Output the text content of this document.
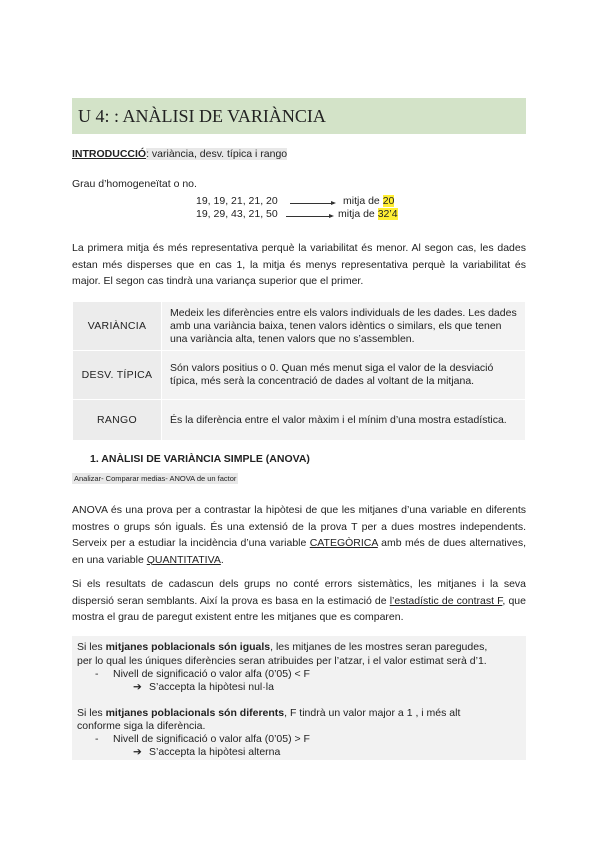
U 4: : ANÀLISI DE VARIÀNCIA
INTRODUCCIÓ: variància, desv. típica i rango
Grau d’homogeneïtat o no.
19, 19, 21, 21, 20	mitja de 20
19, 29, 43, 21, 50	mitja de 32’4
La primera mitja és més representativa perquè la variabilitat és menor. Al segon cas, les dades estan més disperses que en cas 1, la mitja és menys representativa perquè la variabilitat és major. El segon cas tindrà una variança superior que el primer.
VARIÀNCIA	Medeix les diferències entre els valors individuals de les dades. Les dades amb una variància baixa, tenen valors idèntics o similars, els que tenen una variància alta, tenen valors que no s’assemblen.
DESV. TÍPICA	Són valors positius o 0. Quan més menut siga el valor de la desviació típica, més serà la concentració de dades al voltant de la mitjana.
RANGO	És la diferència entre el valor màxim i el mínim d’una mostra estadística.
1. ANÀLISI DE VARIÀNCIA SIMPLE (ANOVA)
Analizar- Comparar medias- ANOVA de un factor
ANOVA és una prova per a contrastar la hipòtesi de que les mitjanes d’una variable en diferents mostres o grups són iguals. És una extensió de la prova T per a dues mostres independents. Serveix per a estudiar la incidència d’una variable CATEGÒRICA amb més de dues alternatives, en una variable QUANTITATIVA.
Si els resultats de cadascun dels grups no conté errors sistemàtics, les mitjanes i la seva dispersió seran semblants. Així la prova es basa en la estimació de l’estadístic de contrast F, que mostra el grau de paregut existent entre les mitjanes que es comparen.
Si les mitjanes poblacionals són iguals, les mitjanes de les mostres seran paregudes,
per lo qual les úniques diferències seran atribuides per l’atzar, i el valor estimat serà d’1.
- Nivell de significació o valor alfa (0’05) < F
➔ S’accepta la hipòtesi nul·la
Si les mitjanes poblacionals són diferents, F tindrà un valor major a 1 , i més alt
conforme siga la diferència.
- Nivell de significació o valor alfa (0’05) > F
➔ S’accepta la hipòtesi alterna
